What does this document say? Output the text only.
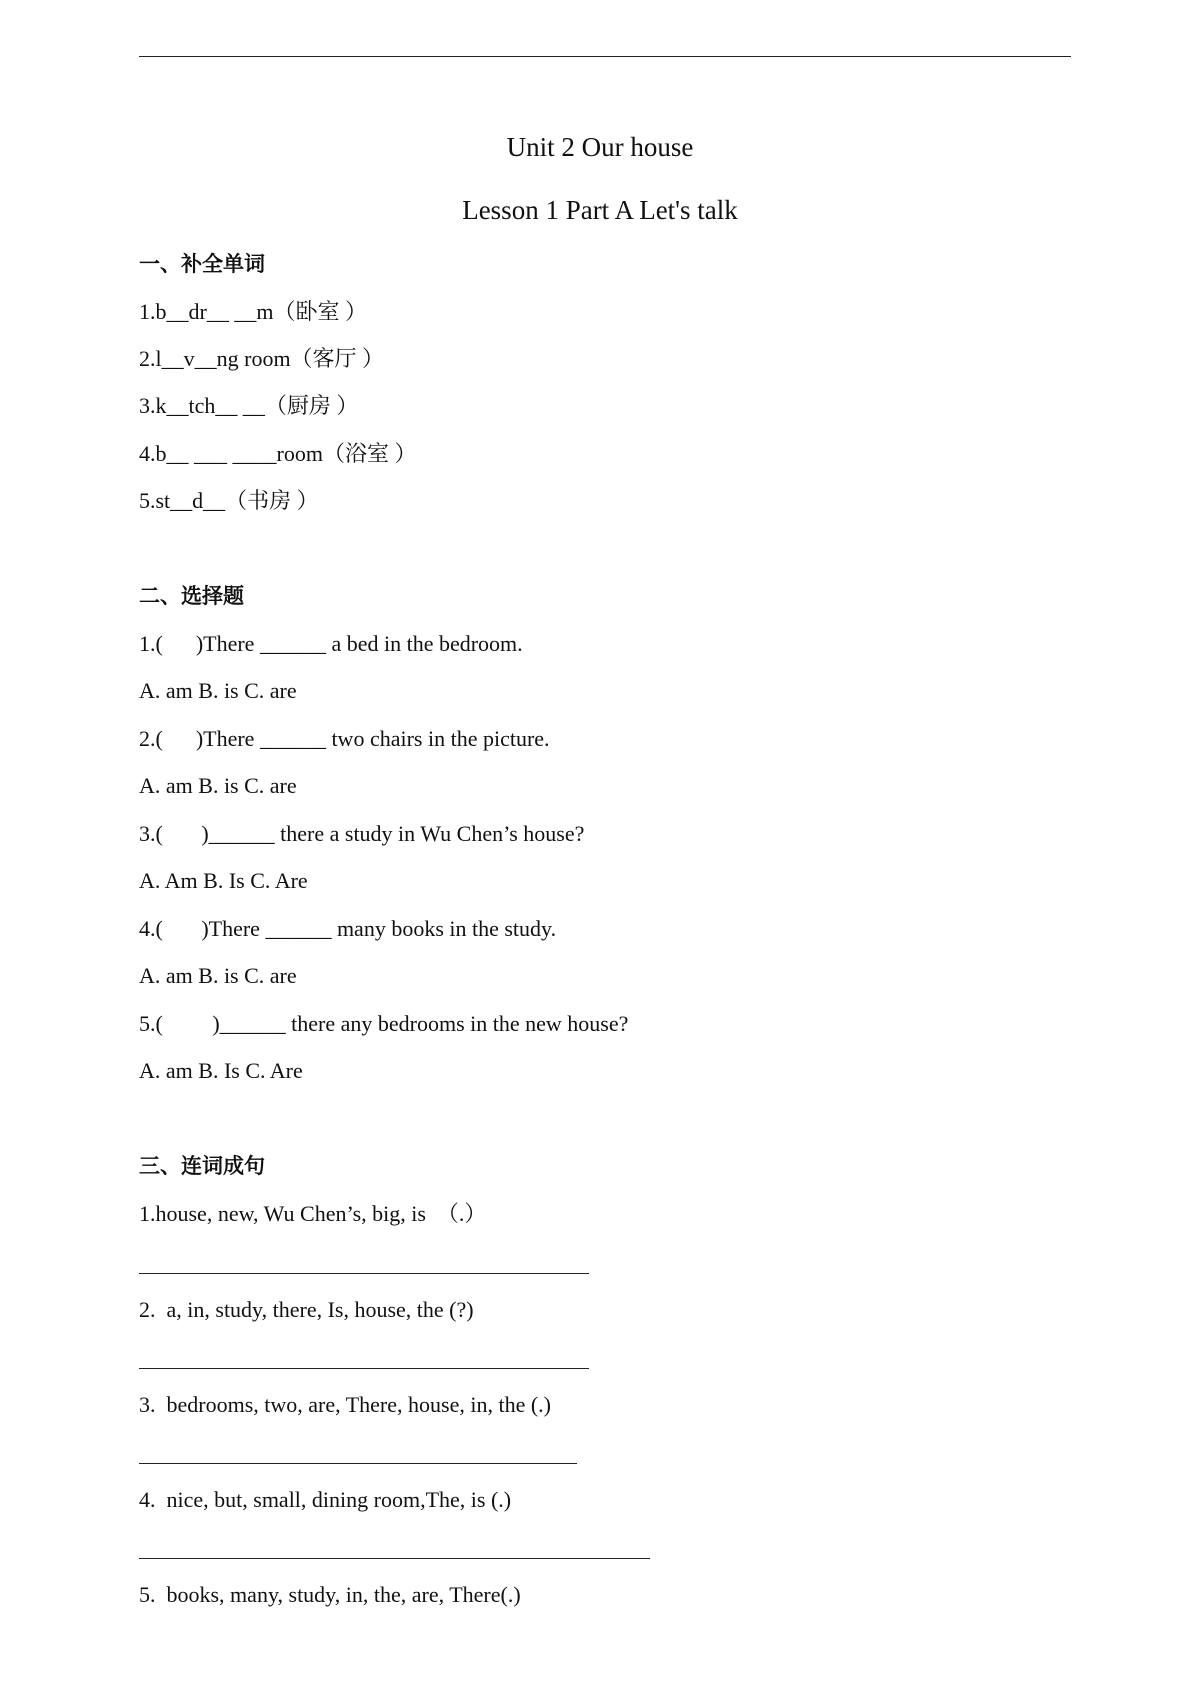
Unit 2 Our house
Lesson 1 Part A Let's talk
一、补全单词
1.b__dr__ __m（卧室 ）
2.l__v__ng room（客厅 ）
3.k__tch__ __（厨房 ）
4.b__ ___ ____room（浴室 ）
5.st__d__（书房 ）
二、选择题
1.(      )There ______ a bed in the bedroom.
A. am B. is C. are
2.(      )There ______ two chairs in the picture.
A. am B. is C. are
3.(       )______ there a study in Wu Chen’s house?
A. Am B. Is C. Are
4.(       )There ______ many books in the study.
A. am B. is C. are
5.(         )______ there any bedrooms in the new house?
A. am B. Is C. Are
三、连词成句
1.house, new, Wu Chen’s, big, is  （.）
2.  a, in, study, there, Is, house, the (?)
3.  bedrooms, two, are, There, house, in, the (.)
4.  nice, but, small, dining room,The, is (.)
5.  books, many, study, in, the, are, There(.)
